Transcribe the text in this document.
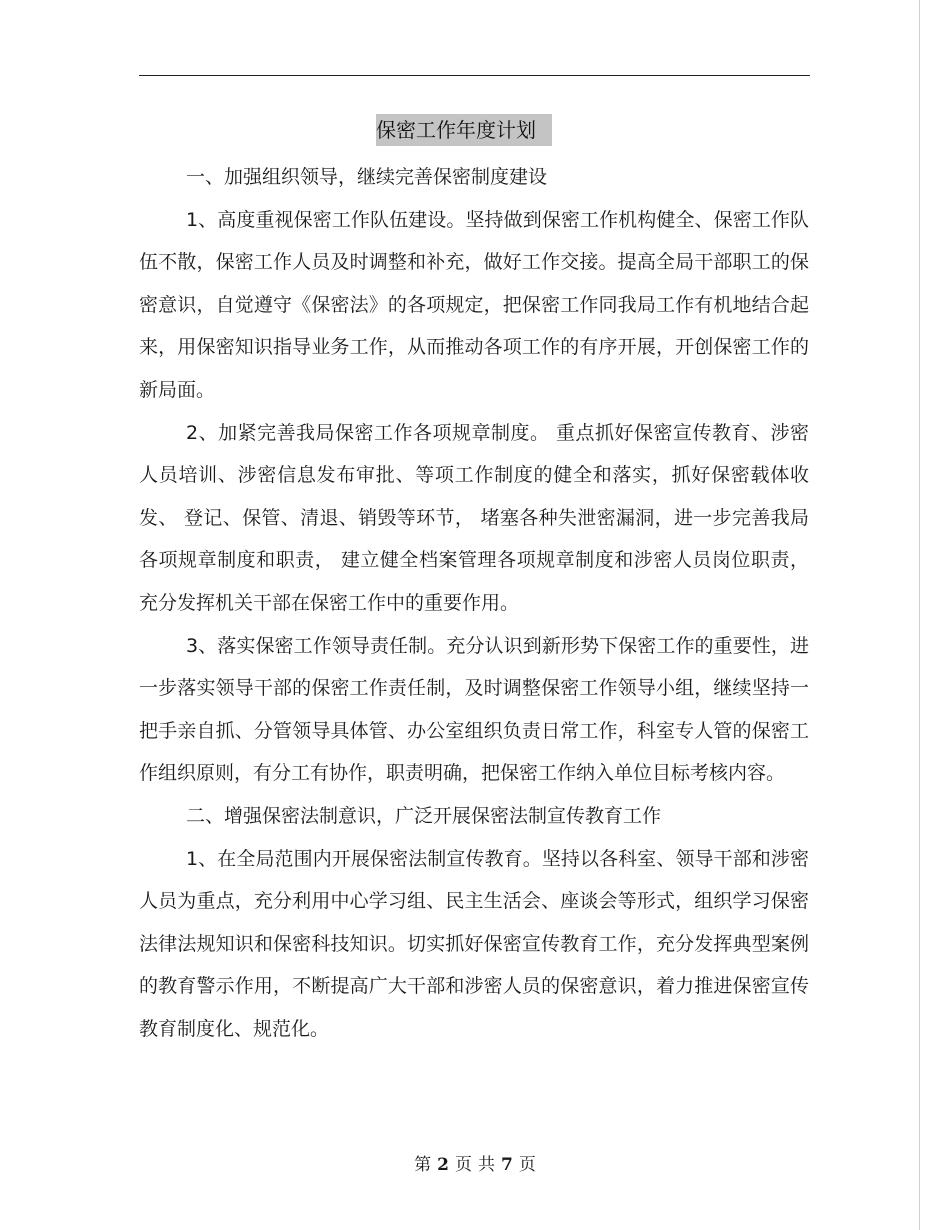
保密工作年度计划

一、加强组织领导，继续完善保密制度建设

1、高度重视保密工作队伍建设。坚持做到保密工作机构健全、保密工作队伍不散，保密工作人员及时调整和补充，做好工作交接。提高全局干部职工的保密意识，自觉遵守《保密法》的各项规定，把保密工作同我局工作有机地结合起来，用保密知识指导业务工作，从而推动各项工作的有序开展，开创保密工作的新局面。

2、加紧完善我局保密工作各项规章制度。 重点抓好保密宣传教育、涉密人员培训、涉密信息发布审批、等项工作制度的健全和落实，抓好保密载体收发、 登记、保管、清退、销毁等环节， 堵塞各种失泄密漏洞，进一步完善我局各项规章制度和职责， 建立健全档案管理各项规章制度和涉密人员岗位职责，充分发挥机关干部在保密工作中的重要作用。

3、落实保密工作领导责任制。充分认识到新形势下保密工作的重要性，进一步落实领导干部的保密工作责任制，及时调整保密工作领导小组，继续坚持一把手亲自抓、分管领导具体管、办公室组织负责日常工作，科室专人管的保密工作组织原则，有分工有协作，职责明确，把保密工作纳入单位目标考核内容。

二、增强保密法制意识，广泛开展保密法制宣传教育工作

1、在全局范围内开展保密法制宣传教育。坚持以各科室、领导干部和涉密人员为重点，充分利用中心学习组、民主生活会、座谈会等形式，组织学习保密法律法规知识和保密科技知识。切实抓好保密宣传教育工作，充分发挥典型案例的教育警示作用，不断提高广大干部和涉密人员的保密意识，着力推进保密宣传教育制度化、规范化。

第 2 页 共 7 页
